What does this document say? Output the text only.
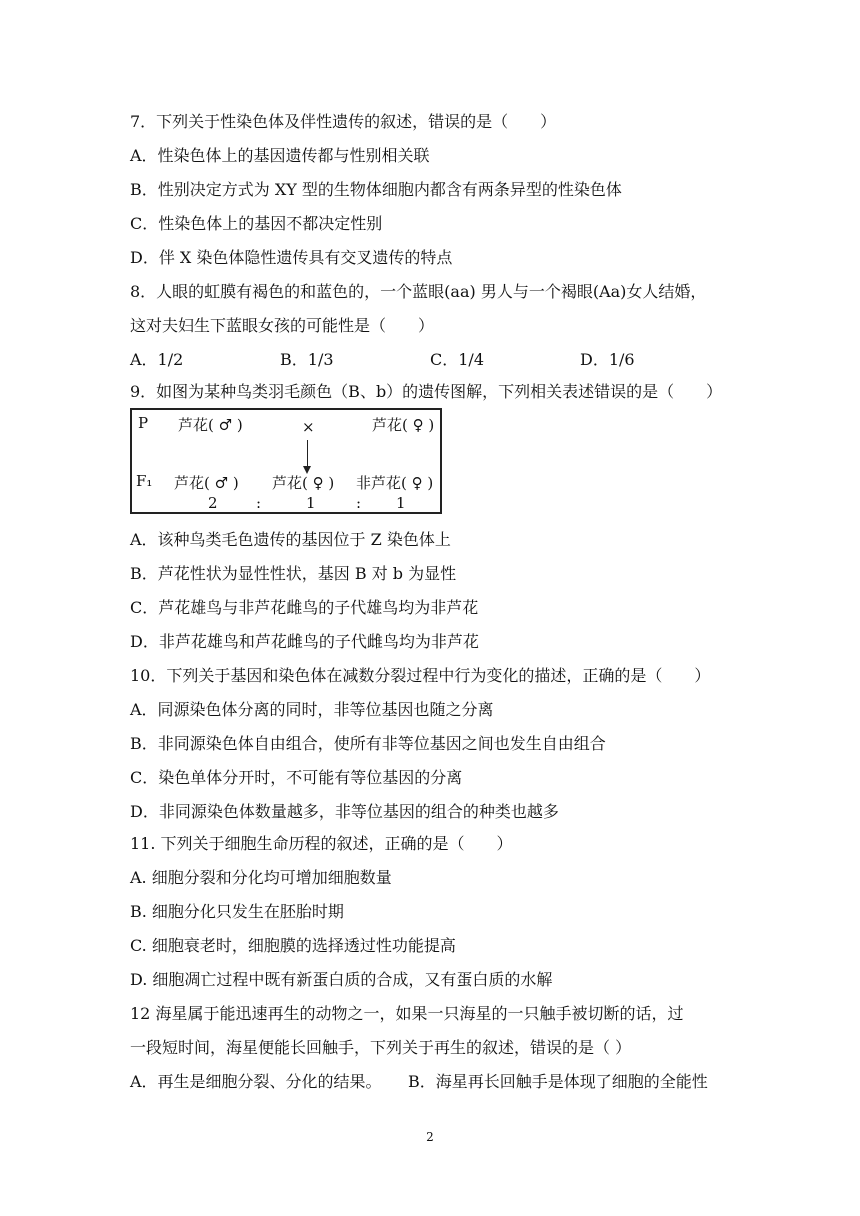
7．下列关于性染色体及伴性遗传的叙述，错误的是（　　）
A．性染色体上的基因遗传都与性别相关联
B．性别决定方式为 XY 型的生物体细胞内都含有两条异型的性染色体
C．性染色体上的基因不都决定性别
D．伴 X 染色体隐性遗传具有交叉遗传的特点
8．人眼的虹膜有褐色的和蓝色的，一个蓝眼(aa) 男人与一个褐眼(Aa)女人结婚，
这对夫妇生下蓝眼女孩的可能性是（　　）
A．1/2	B．1/3	C．1/4	D．1/6
9．如图为某种鸟类羽毛颜色（B、b）的遗传图解，下列相关表述错误的是（　　）
P 芦花( ♂ )	×	芦花( ♀ )
F₁ 芦花( ♂ ) 芦花( ♀ ) 非芦花( ♀ )
2	:	1	: 1
A．该种鸟类毛色遗传的基因位于 Z 染色体上
B．芦花性状为显性性状，基因 B 对 b 为显性
C．芦花雄鸟与非芦花雌鸟的子代雄鸟均为非芦花
D．非芦花雄鸟和芦花雌鸟的子代雌鸟均为非芦花
10．下列关于基因和染色体在减数分裂过程中行为变化的描述，正确的是（　　）
A．同源染色体分离的同时，非等位基因也随之分离
B．非同源染色体自由组合，使所有非等位基因之间也发生自由组合
C．染色单体分开时，不可能有等位基因的分离
D．非同源染色体数量越多，非等位基因的组合的种类也越多
11. 下列关于细胞生命历程的叙述，正确的是（　　）
A. 细胞分裂和分化均可增加细胞数量
B. 细胞分化只发生在胚胎时期
C. 细胞衰老时，细胞膜的选择透过性功能提高
D. 细胞凋亡过程中既有新蛋白质的合成，又有蛋白质的水解
12 海星属于能迅速再生的动物之一，如果一只海星的一只触手被切断的话，过
一段短时间，海星便能长回触手，下列关于再生的叙述，错误的是（ ）
A．再生是细胞分裂、分化的结果。 B．海星再长回触手是体现了细胞的全能性
2
